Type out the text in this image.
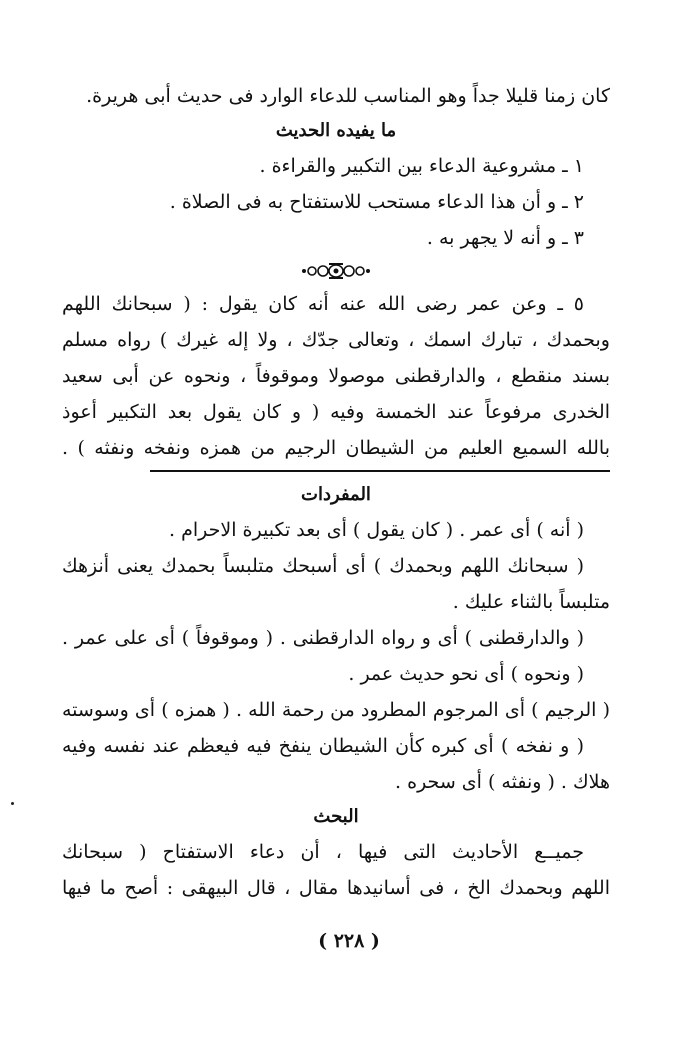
كان زمنا قليلا جداً وهو المناسب للدعاء الوارد فى حديث أبى هريرة.
ما يفيده الحديث
١ ـ مشروعية الدعاء بين التكبير والقراءة .
٢ ـ و أن هذا الدعاء مستحب للاستفتاح به فى الصلاة .
٣ ـ و أنه لا يجهر به .
٥ ـ وعن عمر رضى الله عنه أنه كان يقول : ( سبحانك اللهم
وبحمدك ، تبارك اسمك ، وتعالى جدّك ، ولا إله غيرك ) رواه مسلم
بسند منقطع ، والدارقطنى موصولا وموقوفاً ، ونحوه عن أبى سعيد
الخدرى مرفوعاً عند الخمسة وفيه ( و كان يقول بعد التكبير أعوذ
بالله السميع العليم من الشيطان الرجيم من همزه ونفخه ونفثه ) .
المفردات
( أنه ) أى عمر . ( كان يقول ) أى بعد تكبيرة الاحرام .
( سبحانك اللهم وبحمدك ) أى أسبحك متلبساً بحمدك يعنى أنزهك
متلبساً بالثناء عليك .
( والدارقطنى ) أى و رواه الدارقطنى . ( وموقوفاً ) أى على عمر .
( ونحوه ) أى نحو حديث عمر .
( الرجيم ) أى المرجوم المطرود من رحمة الله . ( همزه ) أى وسوسته
( و نفخه ) أى كبره كأن الشيطان ينفخ فيه فيعظم عند نفسه وفيه
هلاك . ( ونفثه ) أى سحره .
البحث
جميــع الأحاديث التى فيها ، أن دعاء الاستفتاح ( سبحانك
اللهم وبحمدك الخ ، فى أسانيدها مقال ، قال البيهقى : أصح ما فيها
( ٢٢٨ )
